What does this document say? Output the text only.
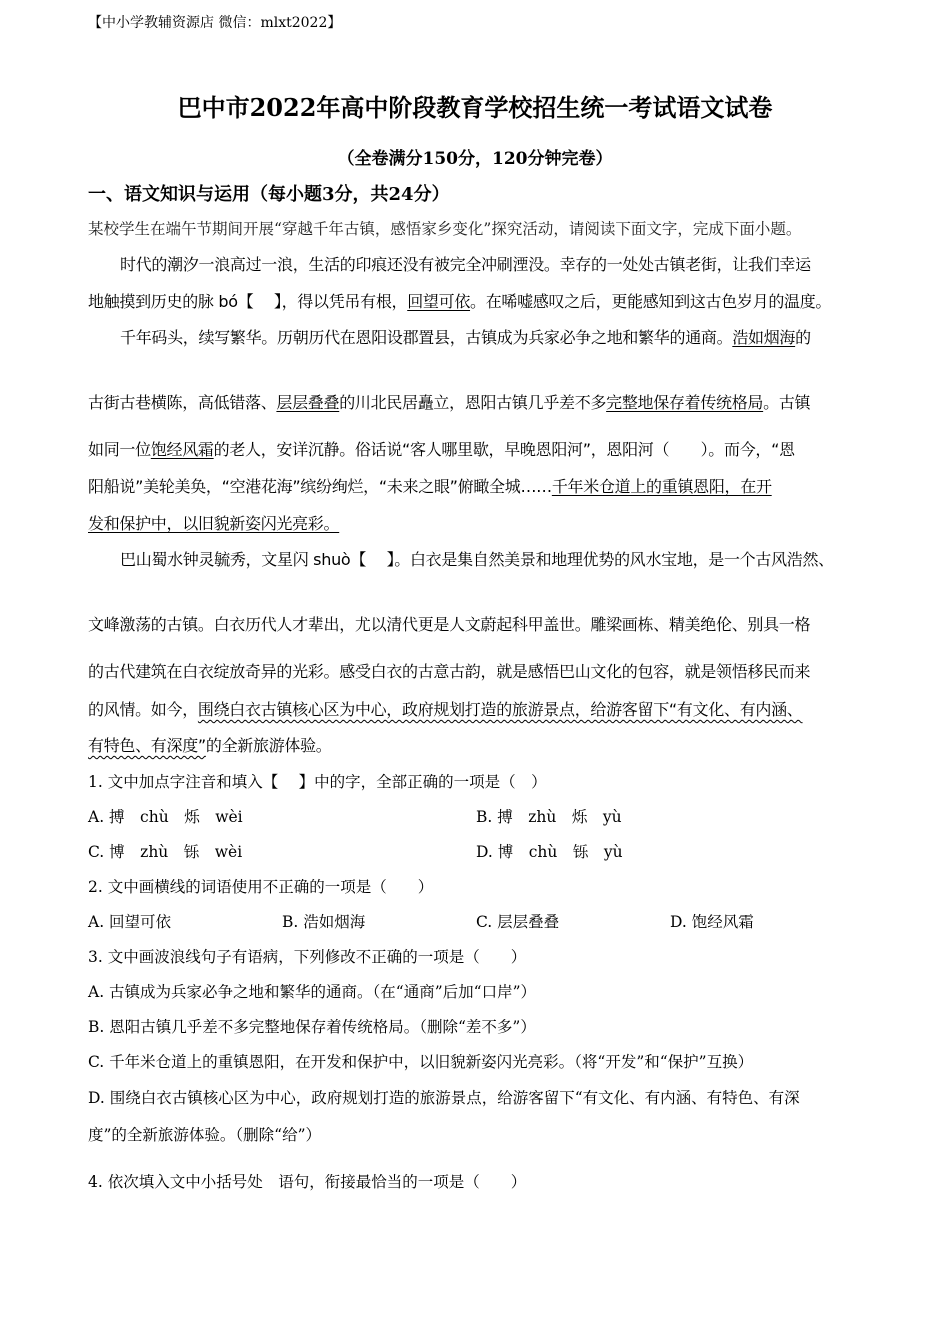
【中小学教辅资源店 微信：mlxt2022】
巴中市2022年高中阶段教育学校招生统一考试语文试卷
（全卷满分150分，120分钟完卷）
一、语文知识与运用（每小题3分，共24分）
某校学生在端午节期间开展“穿越千年古镇，感悟家乡变化”探究活动，请阅读下面文字，完成下面小题。
时代的潮汐一浪高过一浪，生活的印痕还没有被完全冲刷湮没。幸存的一处处古镇老街，让我们幸运
地触摸到历史的脉 bó【　 】，得以凭吊有根，回望可依。在唏嘘感叹之后，更能感知到这古色岁月的温度。
千年码头，续写繁华。历朝历代在恩阳设郡置县，古镇成为兵家必争之地和繁华的通商。浩如烟海的
古街古巷横陈，高低错落、层层叠叠的川北民居矗立，恩阳古镇几乎差不多完整地保存着传统格局。古镇
如同一位饱经风霜的老人，安详沉静。俗话说“客人哪里歇，早晚恩阳河”，恩阳河（　　）。而今，“恩
阳船说”美轮美奂，“空港花海”缤纷绚烂，“未来之眼”俯瞰全城……千年米仓道上的重镇恩阳，在开
发和保护中，以旧貌新姿闪光亮彩。
巴山蜀水钟灵毓秀，文星闪 shuò【　 】。白衣是集自然美景和地理优势的风水宝地，是一个古风浩然、
文峰激荡的古镇。白衣历代人才辈出，尤以清代更是人文蔚起科甲盖世。雕梁画栋、精美绝伦、别具一格
的古代建筑在白衣绽放奇异的光彩。感受白衣的古意古韵，就是感悟巴山文化的包容，就是领悟移民而来
的风情。如今，围绕白衣古镇核心区为中心，政府规划打造的旅游景点，给游客留下“有文化、有内涵、
有特色、有深度”的全新旅游体验。
1. 文中加点字注音和填入【　 】中的字，全部正确的一项是（　）
A. 搏　chù　烁　wèi	B. 搏　zhù　烁　yù
C. 博　zhù　铄　wèi	D. 博　chù　铄　yù
2. 文中画横线的词语使用不正确的一项是（　　）
A. 回望可依	B. 浩如烟海	C. 层层叠叠	D. 饱经风霜
3. 文中画波浪线句子有语病，下列修改不正确的一项是（　　）
A. 古镇成为兵家必争之地和繁华的通商。（在“通商”后加“口岸”）
B. 恩阳古镇几乎差不多完整地保存着传统格局。（删除“差不多”）
C. 千年米仓道上的重镇恩阳，在开发和保护中，以旧貌新姿闪光亮彩。（将“开发”和“保护”互换）
D. 围绕白衣古镇核心区为中心，政府规划打造的旅游景点，给游客留下“有文化、有内涵、有特色、有深
度”的全新旅游体验。（删除“给”）
4. 依次填入文中小括号处　语句，衔接最恰当的一项是（　　）
